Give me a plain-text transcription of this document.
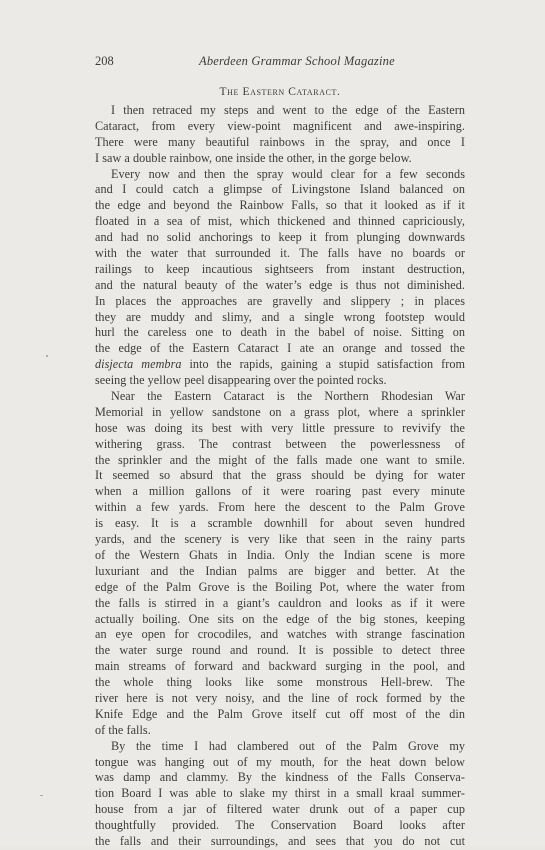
208	Aberdeen Grammar School Magazine
The Eastern Cataract.
I then retraced my steps and went to the edge of the Eastern
Cataract, from every view-point magnificent and awe-inspiring.
There were many beautiful rainbows in the spray, and once I
I saw a double rainbow, one inside the other, in the gorge below.
Every now and then the spray would clear for a few seconds
and I could catch a glimpse of Livingstone Island balanced on
the edge and beyond the Rainbow Falls, so that it looked as if it
floated in a sea of mist, which thickened and thinned capriciously,
and had no solid anchorings to keep it from plunging downwards
with the water that surrounded it. The falls have no boards or
railings to keep incautious sightseers from instant destruction,
and the natural beauty of the water’s edge is thus not diminished.
In places the approaches are gravelly and slippery ; in places
they are muddy and slimy, and a single wrong footstep would
hurl the careless one to death in the babel of noise. Sitting on
the edge of the Eastern Cataract I ate an orange and tossed the
disjecta membra into the rapids, gaining a stupid satisfaction from
seeing the yellow peel disappearing over the pointed rocks.
Near the Eastern Cataract is the Northern Rhodesian War
Memorial in yellow sandstone on a grass plot, where a sprinkler
hose was doing its best with very little pressure to revivify the
withering grass. The contrast between the powerlessness of
the sprinkler and the might of the falls made one want to smile.
It seemed so absurd that the grass should be dying for water
when a million gallons of it were roaring past every minute
within a few yards. From here the descent to the Palm Grove
is easy. It is a scramble downhill for about seven hundred
yards, and the scenery is very like that seen in the rainy parts
of the Western Ghats in India. Only the Indian scene is more
luxuriant and the Indian palms are bigger and better. At the
edge of the Palm Grove is the Boiling Pot, where the water from
the falls is stirred in a giant’s cauldron and looks as if it were
actually boiling. One sits on the edge of the big stones, keeping
an eye open for crocodiles, and watches with strange fascination
the water surge round and round. It is possible to detect three
main streams of forward and backward surging in the pool, and
the whole thing looks like some monstrous Hell-brew. The
river here is not very noisy, and the line of rock formed by the
Knife Edge and the Palm Grove itself cut off most of the din
of the falls.
By the time I had clambered out of the Palm Grove my
tongue was hanging out of my mouth, for the heat down below
was damp and clammy. By the kindness of the Falls Conserva-
tion Board I was able to slake my thirst in a small kraal summer-
house from a jar of filtered water drunk out of a paper cup
thoughtfully provided. The Conservation Board looks after
the falls and their surroundings, and sees that you do not cut
